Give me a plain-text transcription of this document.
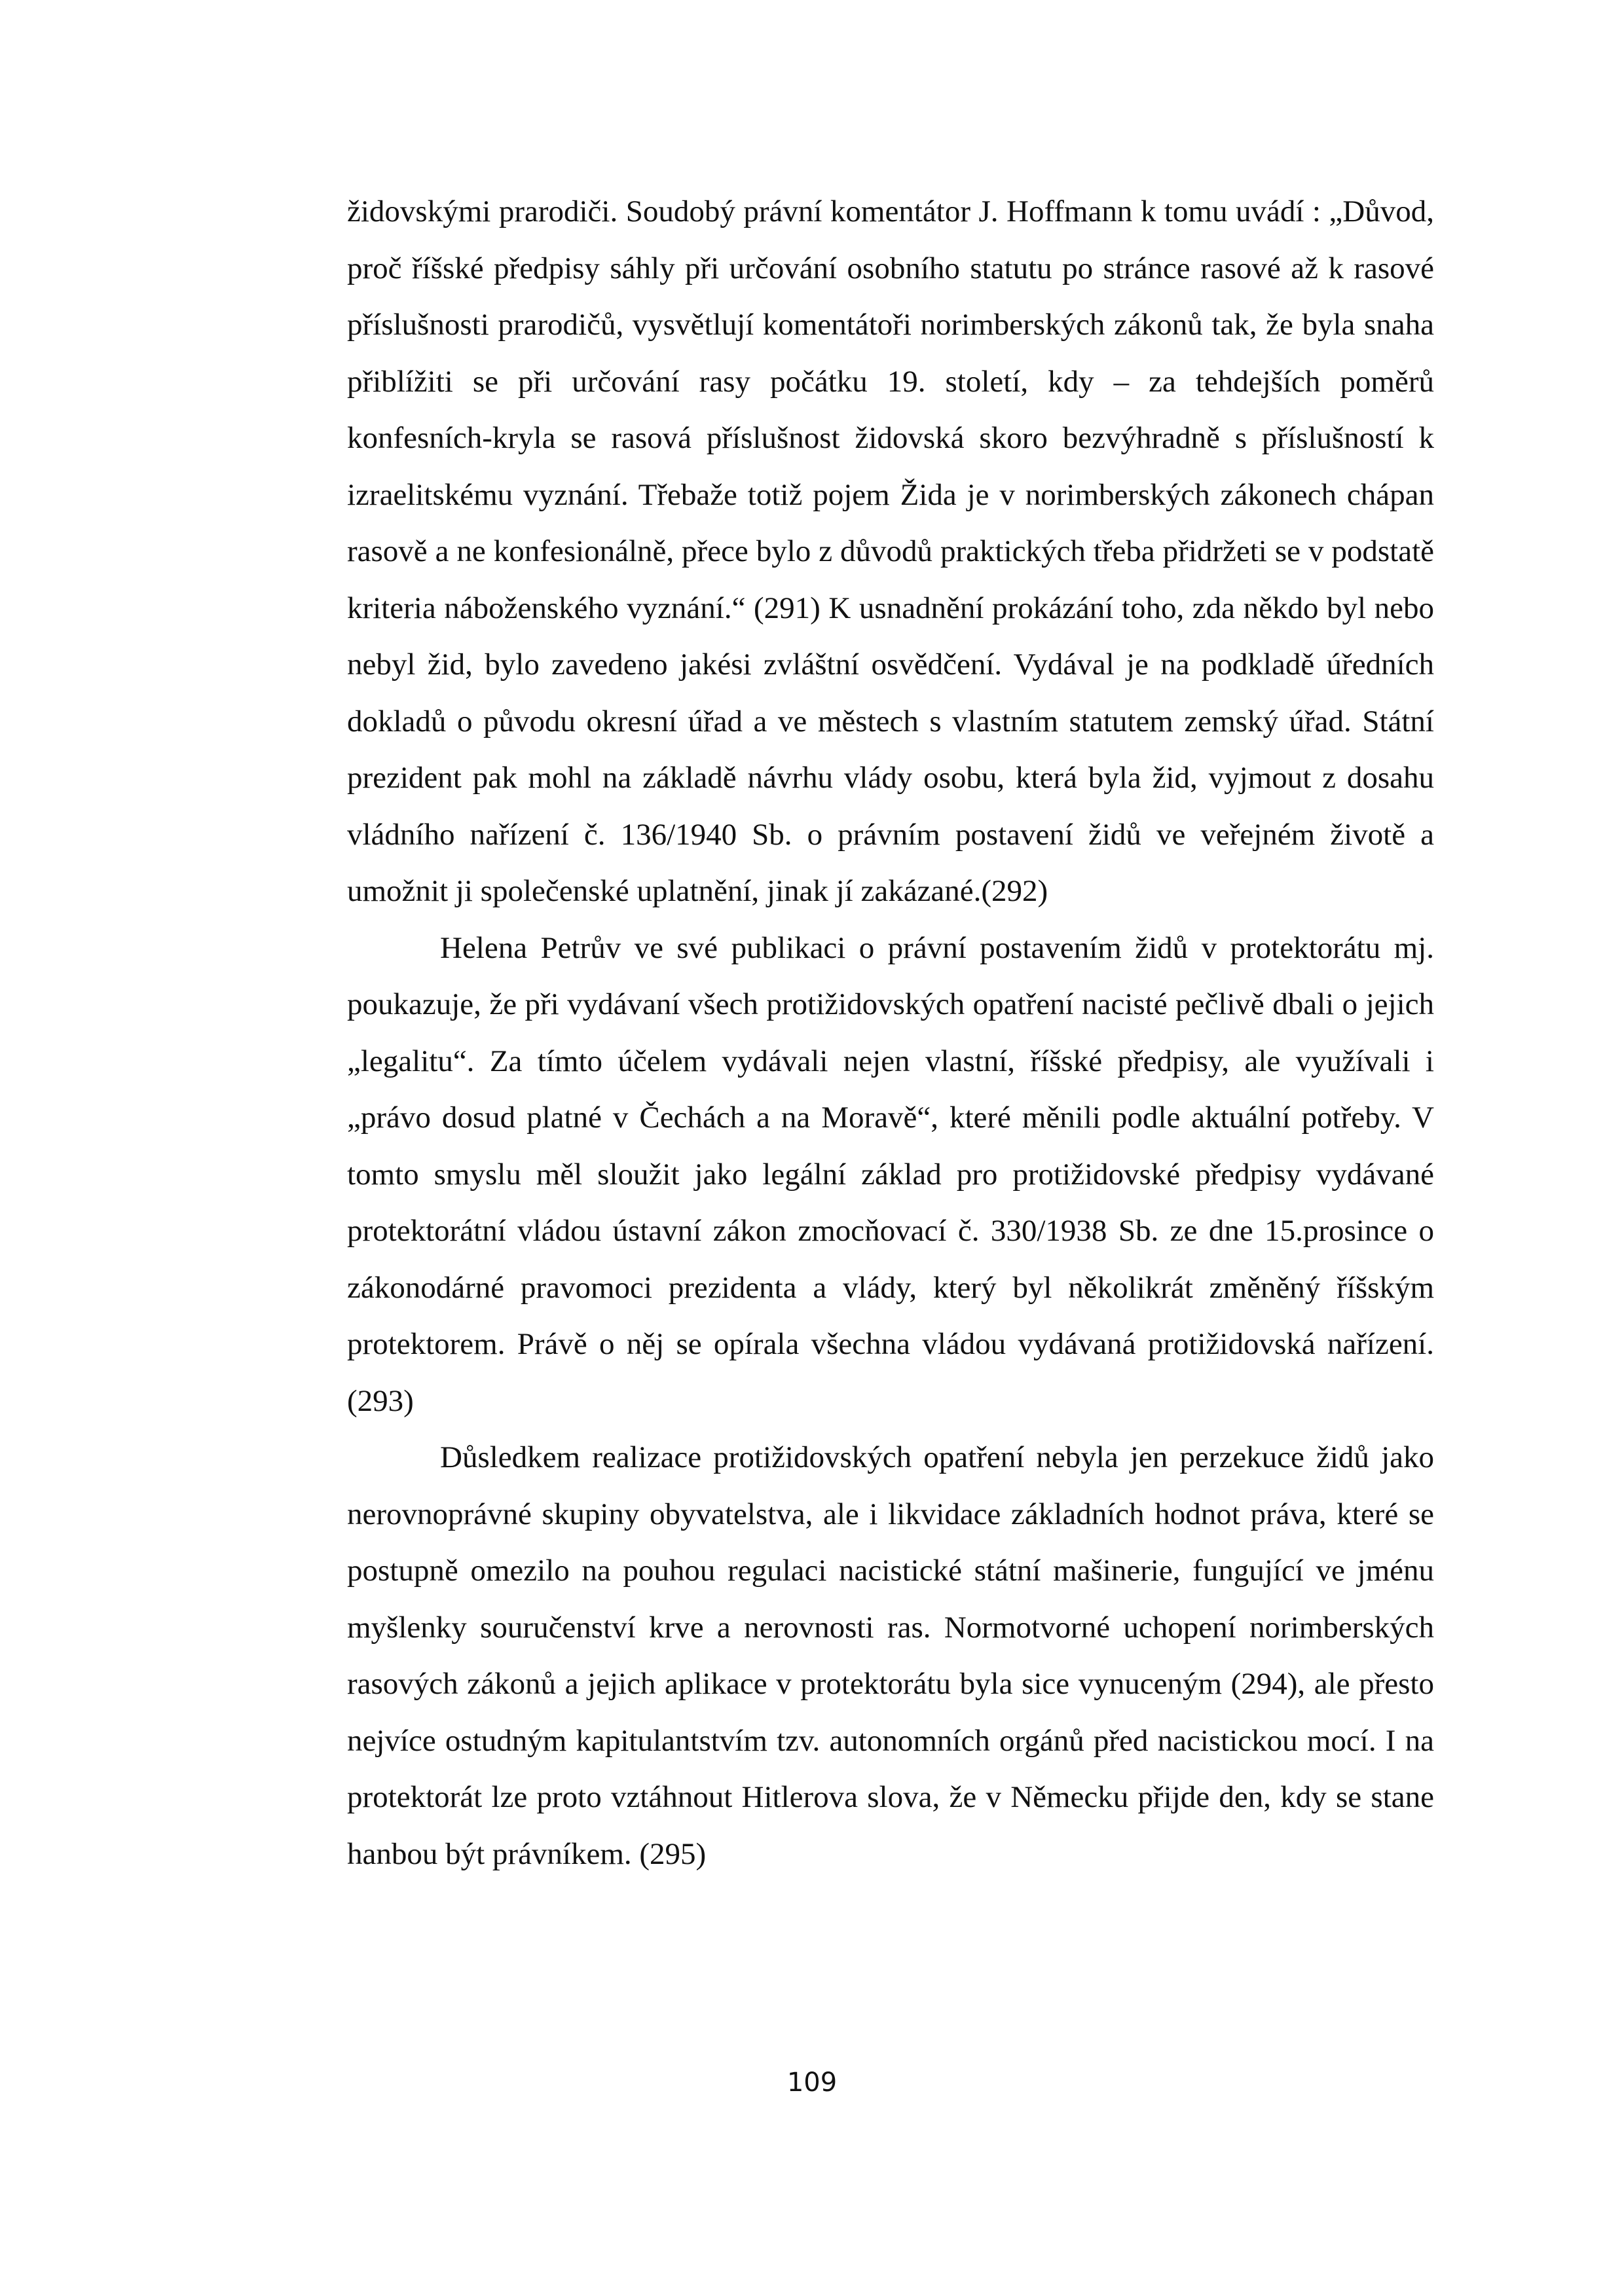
židovskými prarodiči. Soudobý právní komentátor J. Hoffmann k tomu uvádí : „Důvod, proč říšské předpisy sáhly při určování osobního statutu po stránce rasové až k rasové příslušnosti prarodičů, vysvětlují komentátoři norimberských zákonů tak, že byla snaha přiblížiti se při určování rasy počátku 19. století, kdy – za tehdejších poměrů konfesních-kryla se rasová příslušnost židovská skoro bezvýhradně s příslušností k izraelitskému vyznání. Třebaže totiž pojem Žida je v norimberských zákonech chápan rasově a ne konfesionálně, přece bylo z důvodů praktických třeba přidržeti se v podstatě kriteria náboženského vyznání.“ (291) K usnadnění prokázání toho, zda někdo byl nebo nebyl žid, bylo zavedeno jakési zvláštní osvědčení. Vydával je na podkladě úředních dokladů o původu okresní úřad a ve městech s vlastním statutem zemský úřad. Státní prezident pak mohl na základě návrhu vlády osobu, která byla žid, vyjmout z dosahu vládního nařízení č. 136/1940 Sb. o právním postavení židů ve veřejném životě a umožnit ji společenské uplatnění, jinak jí zakázané.(292)

Helena Petrův ve své publikaci o právní postavením židů v protektorátu mj. poukazuje, že při vydávaní všech protižidovských opatření nacisté pečlivě dbali o jejich „legalitu“. Za tímto účelem vydávali nejen vlastní, říšské předpisy, ale využívali i „právo dosud platné v Čechách a na Moravě“, které měnili podle aktuální potřeby. V tomto smyslu měl sloužit jako legální základ pro protižidovské předpisy vydávané protektorátní vládou ústavní zákon zmocňovací č. 330/1938 Sb. ze dne 15.prosince o zákonodárné pravomoci prezidenta a vlády, který byl několikrát změněný říšským protektorem. Právě o něj se opírala všechna vládou vydávaná protižidovská nařízení. (293)

Důsledkem realizace protižidovských opatření nebyla jen perzekuce židů jako nerovnoprávné skupiny obyvatelstva, ale i likvidace základních hodnot práva, které se postupně omezilo na pouhou regulaci nacistické státní mašinerie, fungující ve jménu myšlenky souručenství krve a nerovnosti ras. Normotvorné uchopení norimberských rasových zákonů a jejich aplikace v protektorátu byla sice vynuceným (294), ale přesto nejvíce ostudným kapitulantstvím tzv. autonomních orgánů před nacistickou mocí. I na protektorát lze proto vztáhnout Hitlerova slova, že v Německu přijde den, kdy se stane hanbou být právníkem. (295)

109
